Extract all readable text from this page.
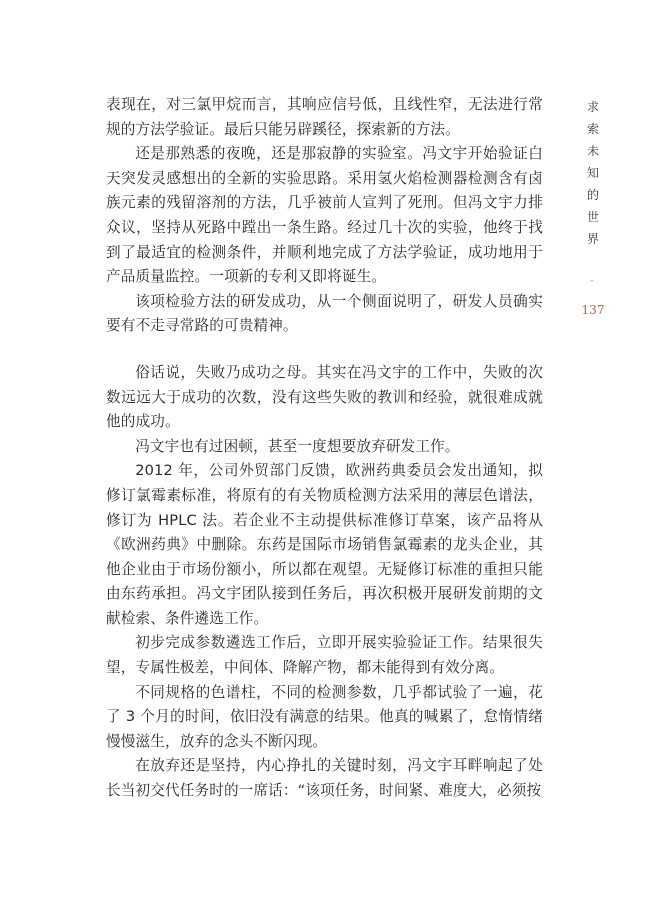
表现在，对三氯甲烷而言，其响应信号低，且线性窄，无法进行常规的方法学验证。最后只能另辟蹊径，探索新的方法。

还是那熟悉的夜晚，还是那寂静的实验室。冯文宇开始验证白天突发灵感想出的全新的实验思路。采用氢火焰检测器检测含有卤族元素的残留溶剂的方法，几乎被前人宣判了死刑。但冯文宇力排众议，坚持从死路中蹚出一条生路。经过几十次的实验，他终于找到了最适宜的检测条件，并顺利地完成了方法学验证，成功地用于产品质量监控。一项新的专利又即将诞生。

该项检验方法的研发成功，从一个侧面说明了，研发人员确实要有不走寻常路的可贵精神。

俗话说，失败乃成功之母。其实在冯文宇的工作中，失败的次数远远大于成功的次数，没有这些失败的教训和经验，就很难成就他的成功。

冯文宇也有过困顿，甚至一度想要放弃研发工作。

2012 年，公司外贸部门反馈，欧洲药典委员会发出通知，拟修订氯霉素标准，将原有的有关物质检测方法采用的薄层色谱法，修订为 HPLC 法。若企业不主动提供标准修订草案，该产品将从《欧洲药典》中删除。东药是国际市场销售氯霉素的龙头企业，其他企业由于市场份额小，所以都在观望。无疑修订标准的重担只能由东药承担。冯文宇团队接到任务后，再次积极开展研发前期的文献检索、条件遴选工作。

初步完成参数遴选工作后，立即开展实验验证工作。结果很失望，专属性极差，中间体、降解产物，都未能得到有效分离。

不同规格的色谱柱，不同的检测参数，几乎都试验了一遍，花了 3 个月的时间，依旧没有满意的结果。他真的喊累了，怠惰情绪慢慢滋生，放弃的念头不断闪现。

在放弃还是坚持，内心挣扎的关键时刻，冯文宇耳畔响起了处长当初交代任务时的一席话：“该项任务，时间紧、难度大，必须按

求索未知的世界
-
137
